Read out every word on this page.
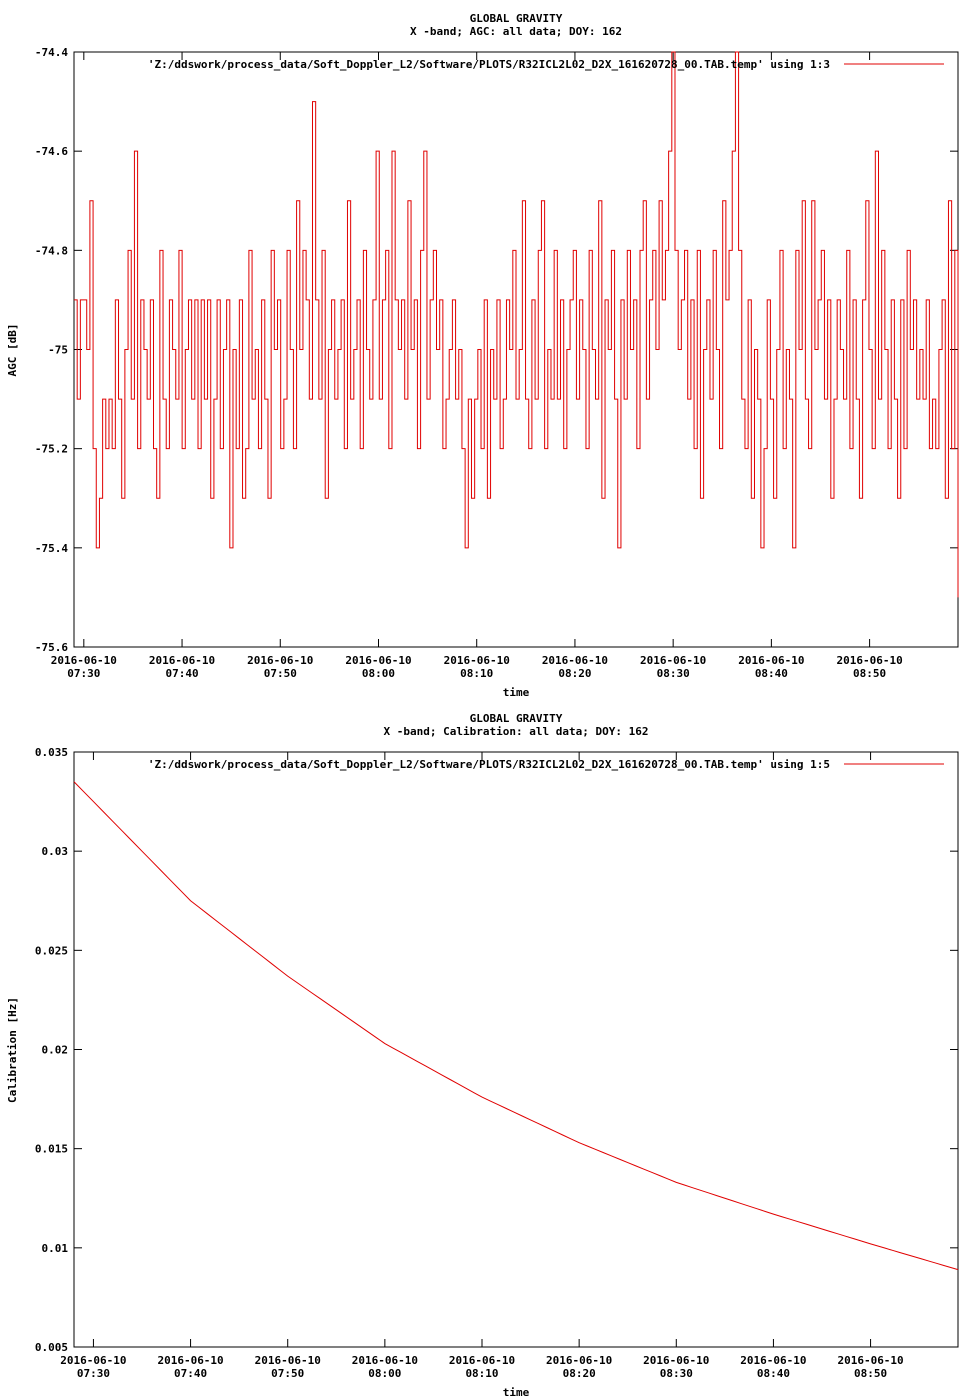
GLOBAL GRAVITY
X -band; AGC: all data; DOY: 162
-74.4
-74.6
-74.8
-75
-75.2
-75.4
-75.6
2016-06-10
07:30
2016-06-10
07:40
2016-06-10
07:50
2016-06-10
08:00
2016-06-10
08:10
2016-06-10
08:20
2016-06-10
08:30
2016-06-10
08:40
2016-06-10
08:50
time
AGC [dB]
'Z:/ddswork/process_data/Soft_Doppler_L2/Software/PLOTS/R32ICL2L02_D2X_161620728_00.TAB.temp' using 1:3
GLOBAL GRAVITY
X -band; Calibration: all data; DOY: 162
0.035
0.03
0.025
0.02
0.015
0.01
0.005
2016-06-10
07:30
2016-06-10
07:40
2016-06-10
07:50
2016-06-10
08:00
2016-06-10
08:10
2016-06-10
08:20
2016-06-10
08:30
2016-06-10
08:40
2016-06-10
08:50
time
Calibration [Hz]
'Z:/ddswork/process_data/Soft_Doppler_L2/Software/PLOTS/R32ICL2L02_D2X_161620728_00.TAB.temp' using 1:5
